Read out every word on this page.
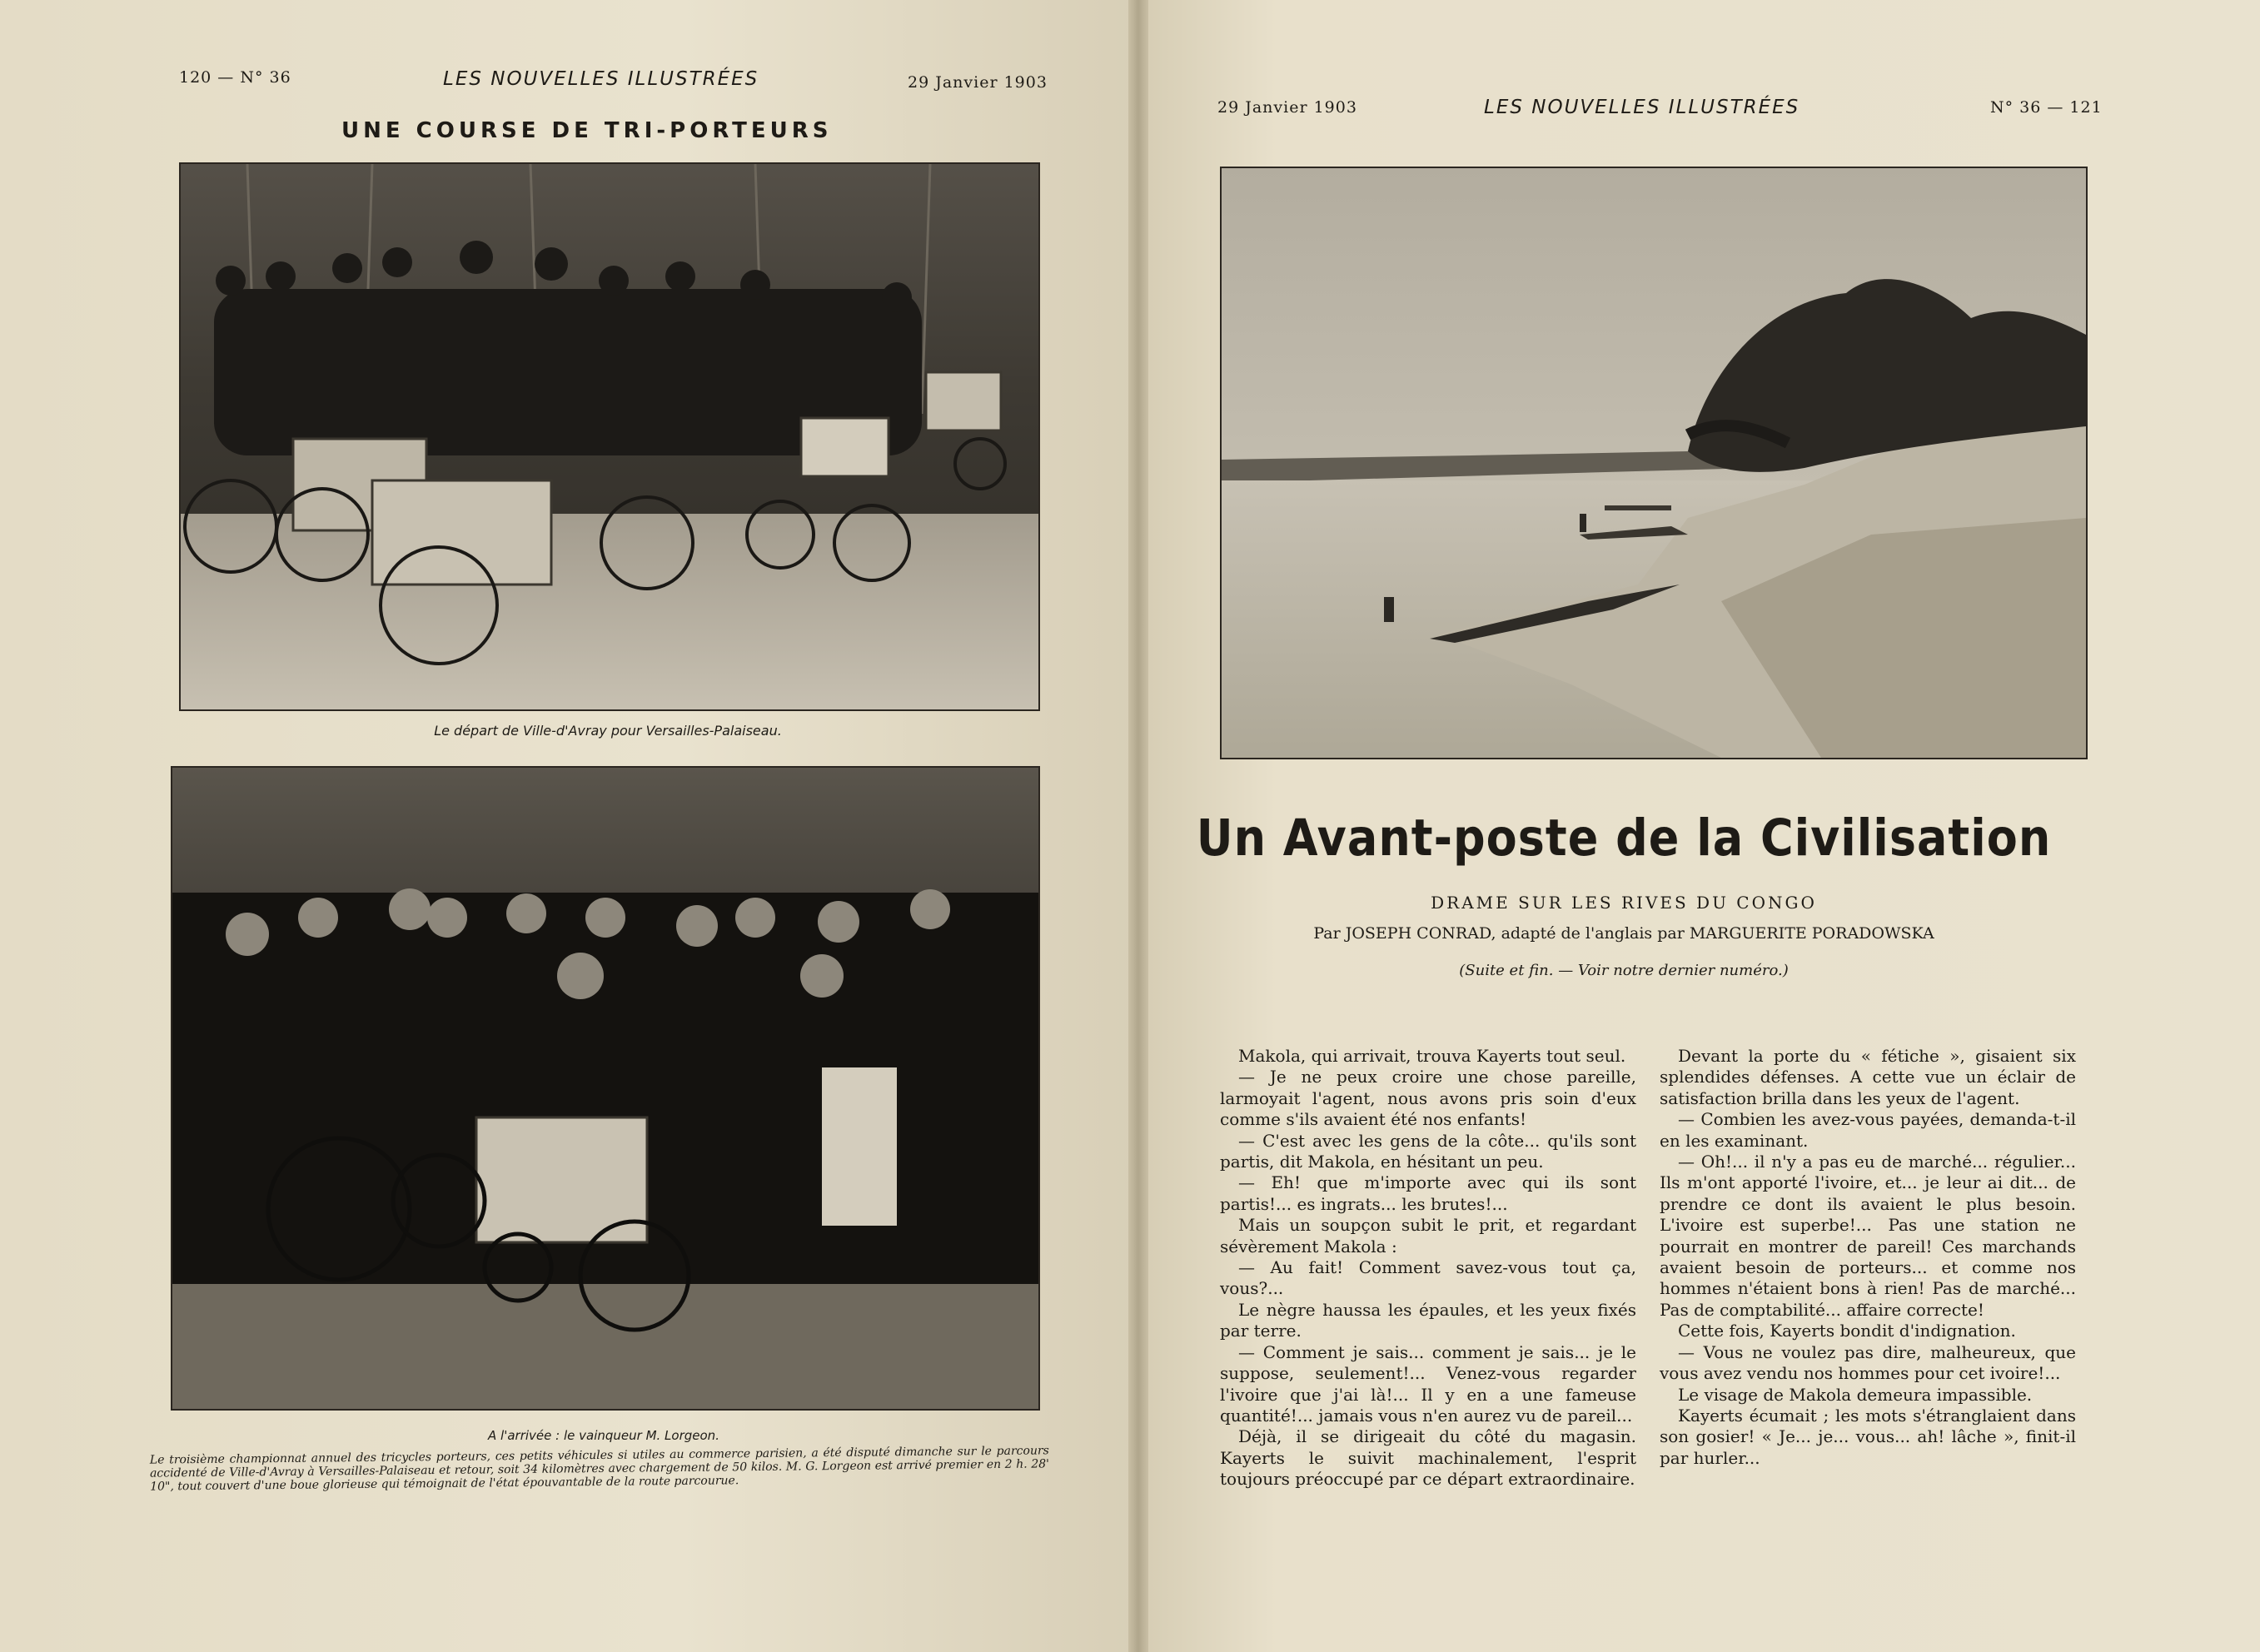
120 — N° 36	LES NOUVELLES ILLUSTRÉES	29 Janvier 1903
UNE COURSE DE TRI-PORTEURS
Le départ de Ville-d'Avray pour Versailles-Palaiseau.
A l'arrivée : le vainqueur M. Lorgeon.
Le troisième championnat annuel des tricycles porteurs, ces petits véhicules si utiles au commerce parisien, a été disputé dimanche sur le parcours accidenté de Ville-d'Avray à Versailles-Palaiseau et retour, soit 34 kilomètres avec chargement de 50 kilos. M. G. Lorgeon est arrivé premier en 2 h. 28' 10", tout couvert d'une boue glorieuse qui témoignait de l'état épouvantable de la route parcourue.
29 Janvier 1903	LES NOUVELLES ILLUSTRÉES	N° 36 — 121
Un Avant-poste de la Civilisation
DRAME SUR LES RIVES DU CONGO
Par JOSEPH CONRAD, adapté de l'anglais par MARGUERITE PORADOWSKA
(Suite et fin. — Voir notre dernier numéro.)

Makola, qui arrivait, trouva Kayerts tout seul.

— Je ne peux croire une chose pareille, larmoyait l'agent, nous avons pris soin d'eux comme s'ils avaient été nos enfants!

— C'est avec les gens de la côte... qu'ils sont partis, dit Makola, en hésitant un peu.

— Eh! que m'importe avec qui ils sont partis!... es ingrats... les brutes!...

Mais un soupçon subit le prit, et regardant sévèrement Makola :

— Au fait! Comment savez-vous tout ça, vous?...

Le nègre haussa les épaules, et les yeux fixés par terre.

— Comment je sais... comment je sais... je le suppose, seulement!... Venez-vous regarder l'ivoire que j'ai là!... Il y en a une fameuse quantité!... jamais vous n'en aurez vu de pareil...

Déjà, il se dirigeait du côté du magasin. Kayerts le suivit machinalement, l'esprit toujours préoccupé par ce départ extraordinaire.

Devant la porte du « fétiche », gisaient six splendides défenses. A cette vue un éclair de satisfaction brilla dans les yeux de l'agent.

— Combien les avez-vous payées, demanda-t-il en les examinant.

— Oh!... il n'y a pas eu de marché... régulier... Ils m'ont apporté l'ivoire, et... je leur ai dit... de prendre ce dont ils avaient le plus besoin. L'ivoire est superbe!... Pas une station ne pourrait en montrer de pareil! Ces marchands avaient besoin de porteurs... et comme nos hommes n'étaient bons à rien! Pas de marché... Pas de comptabilité... affaire correcte!

Cette fois, Kayerts bondit d'indignation.

— Vous ne voulez pas dire, malheureux, que vous avez vendu nos hommes pour cet ivoire!...

Le visage de Makola demeura impassible.

Kayerts écumait ; les mots s'étranglaient dans son gosier! « Je... je... vous... ah! lâche », finit-il par hurler...
